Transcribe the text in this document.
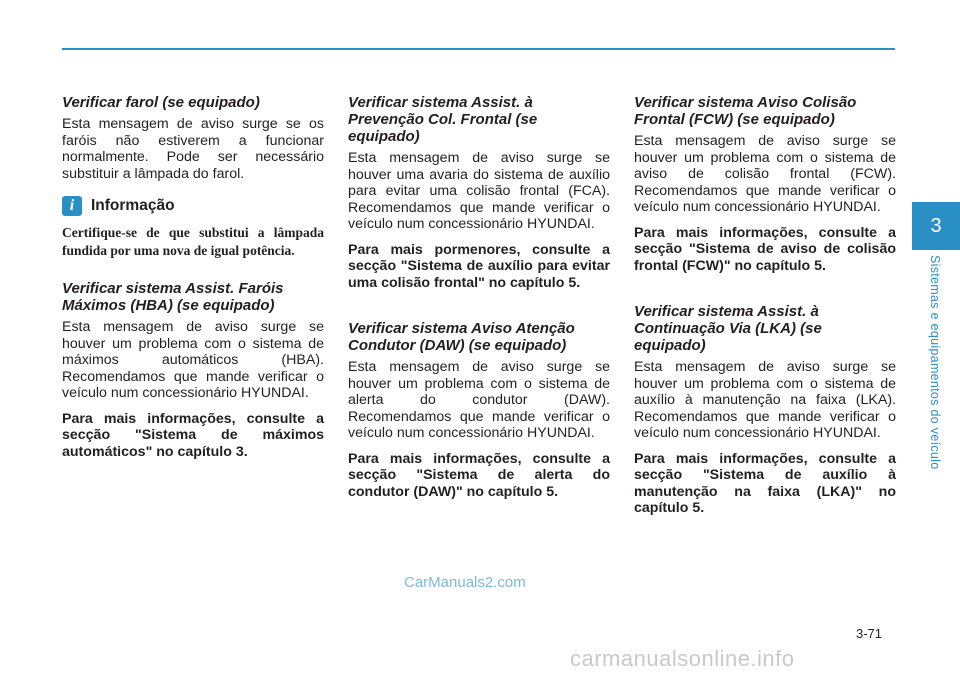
Verificar farol (se equipado)

Esta mensagem de aviso surge se os faróis não estiverem a funcionar normalmente. Pode ser necessário substituir a lâmpada do farol.

i	Informação

Certifique-se de que substitui a lâmpada fundida por uma nova de igual potência.

Verificar sistema Assist. Faróis Máximos (HBA) (se equipado)

Esta mensagem de aviso surge se houver um problema com o sistema de máximos automáticos (HBA). Recomendamos que mande verificar o veículo num concessionário HYUNDAI.

Para mais informações, consulte a secção "Sistema de máximos automáticos" no capítulo 3.

Verificar sistema Assist. à Prevenção Col. Frontal (se equipado)

Esta mensagem de aviso surge se houver uma avaria do sistema de auxílio para evitar uma colisão frontal (FCA). Recomendamos que mande verificar o veículo num concessionário HYUNDAI.

Para mais pormenores, consulte a secção "Sistema de auxílio para evitar uma colisão frontal" no capítulo 5.

Verificar sistema Aviso Atenção Condutor (DAW) (se equipado)

Esta mensagem de aviso surge se houver um problema com o sistema de alerta do condutor (DAW). Recomendamos que mande verificar o veículo num concessionário HYUNDAI.

Para mais informações, consulte a secção "Sistema de alerta do condutor (DAW)" no capítulo 5.

Verificar sistema Aviso Colisão Frontal (FCW) (se equipado)

Esta mensagem de aviso surge se houver um problema com o sistema de aviso de colisão frontal (FCW). Recomendamos que mande verificar o veículo num concessionário HYUNDAI.

Para mais informações, consulte a secção "Sistema de aviso de colisão frontal (FCW)" no capítulo 5.

Verificar sistema Assist. à Continuação Via (LKA) (se equipado)

Esta mensagem de aviso surge se houver um problema com o sistema de auxílio à manutenção na faixa (LKA). Recomendamos que mande verificar o veículo num concessionário HYUNDAI.

Para mais informações, consulte a secção "Sistema de auxílio à manutenção na faixa (LKA)" no capítulo 5.

3
Sistemas e equipamentos do veículo
3-71
CarManuals2.com
carmanualsonline.info
